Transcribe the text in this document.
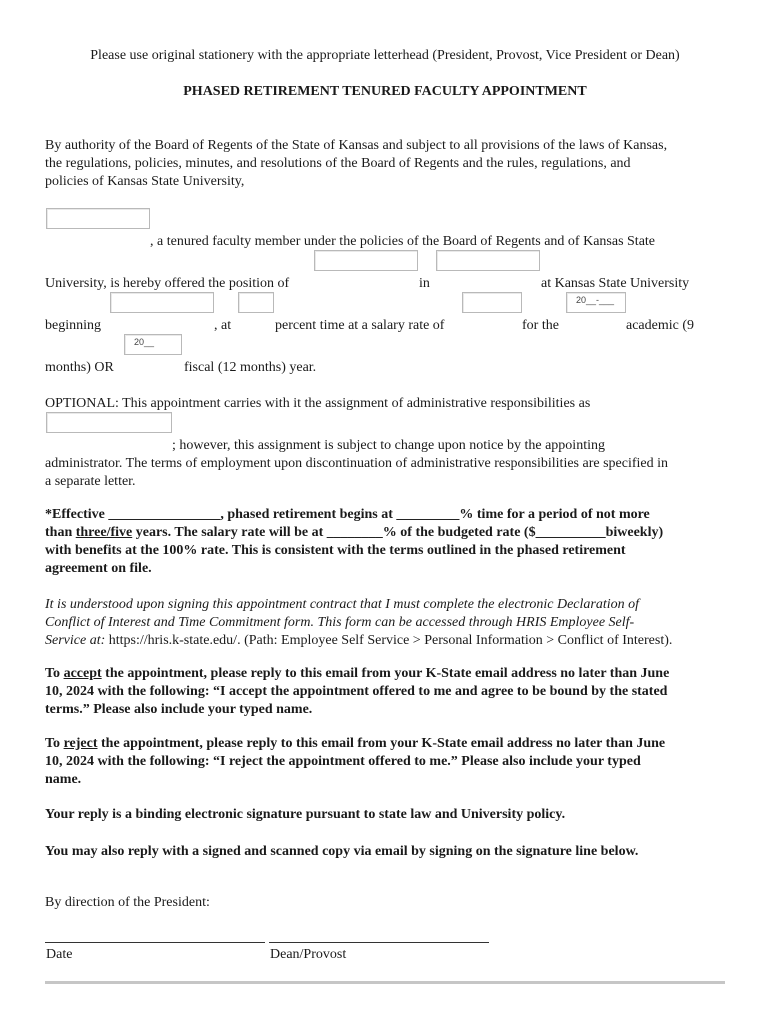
Please use original stationery with the appropriate letterhead (President, Provost, Vice President or Dean)
PHASED RETIREMENT TENURED FACULTY APPOINTMENT
By authority of the Board of Regents of the State of Kansas and subject to all provisions of the laws of Kansas,
the regulations, policies, minutes, and resolutions of the Board of Regents and the rules, regulations, and
policies of Kansas State University,
, a tenured faculty member under the policies of the Board of Regents and of Kansas State
University, is hereby offered the position of	in	at Kansas State University
20__-___
beginning	, at	percent time at a salary rate of	for the	academic (9
20__
months) OR	fiscal (12 months) year.
OPTIONAL: This appointment carries with it the assignment of administrative responsibilities as
; however, this assignment is subject to change upon notice by the appointing
administrator. The terms of employment upon discontinuation of administrative responsibilities are specified in
a separate letter.
*Effective ________________, phased retirement begins at _________% time for a period of not more
than three/five years. The salary rate will be at ________% of the budgeted rate ($__________biweekly)
with benefits at the 100% rate. This is consistent with the terms outlined in the phased retirement
agreement on file.
It is understood upon signing this appointment contract that I must complete the electronic Declaration of
Conflict of Interest and Time Commitment form. This form can be accessed through HRIS Employee Self-
Service at: https://hris.k-state.edu/. (Path: Employee Self Service > Personal Information > Conflict of Interest).
To accept the appointment, please reply to this email from your K-State email address no later than June
10, 2024 with the following: “I accept the appointment offered to me and agree to be bound by the stated
terms.” Please also include your typed name.
To reject the appointment, please reply to this email from your K-State email address no later than June
10, 2024 with the following: “I reject the appointment offered to me.” Please also include your typed
name.
Your reply is a binding electronic signature pursuant to state law and University policy.
You may also reply with a signed and scanned copy via email by signing on the signature line below.
By direction of the President:
Date	Dean/Provost
